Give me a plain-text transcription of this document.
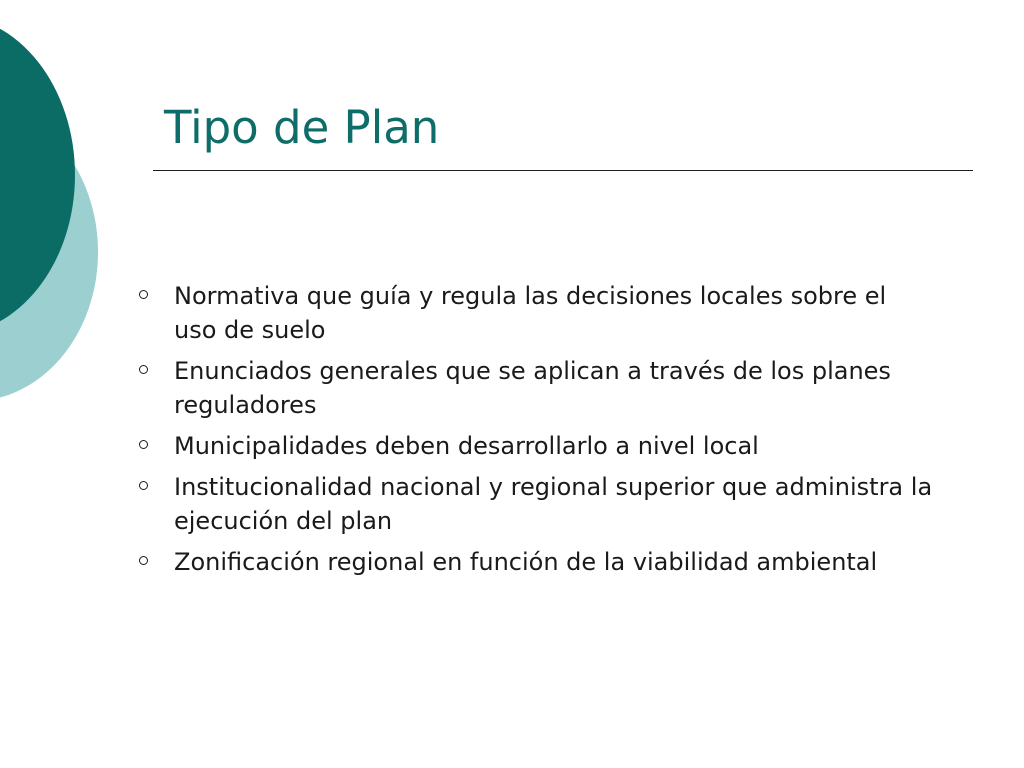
Tipo de Plan
Normativa que guía y regula las decisiones locales sobre el uso de suelo
Enunciados generales que se aplican a través de los planes reguladores
Municipalidades deben desarrollarlo a nivel local
Institucionalidad nacional y regional superior que administra la ejecución del plan
Zonificación regional en función de la viabilidad ambiental
